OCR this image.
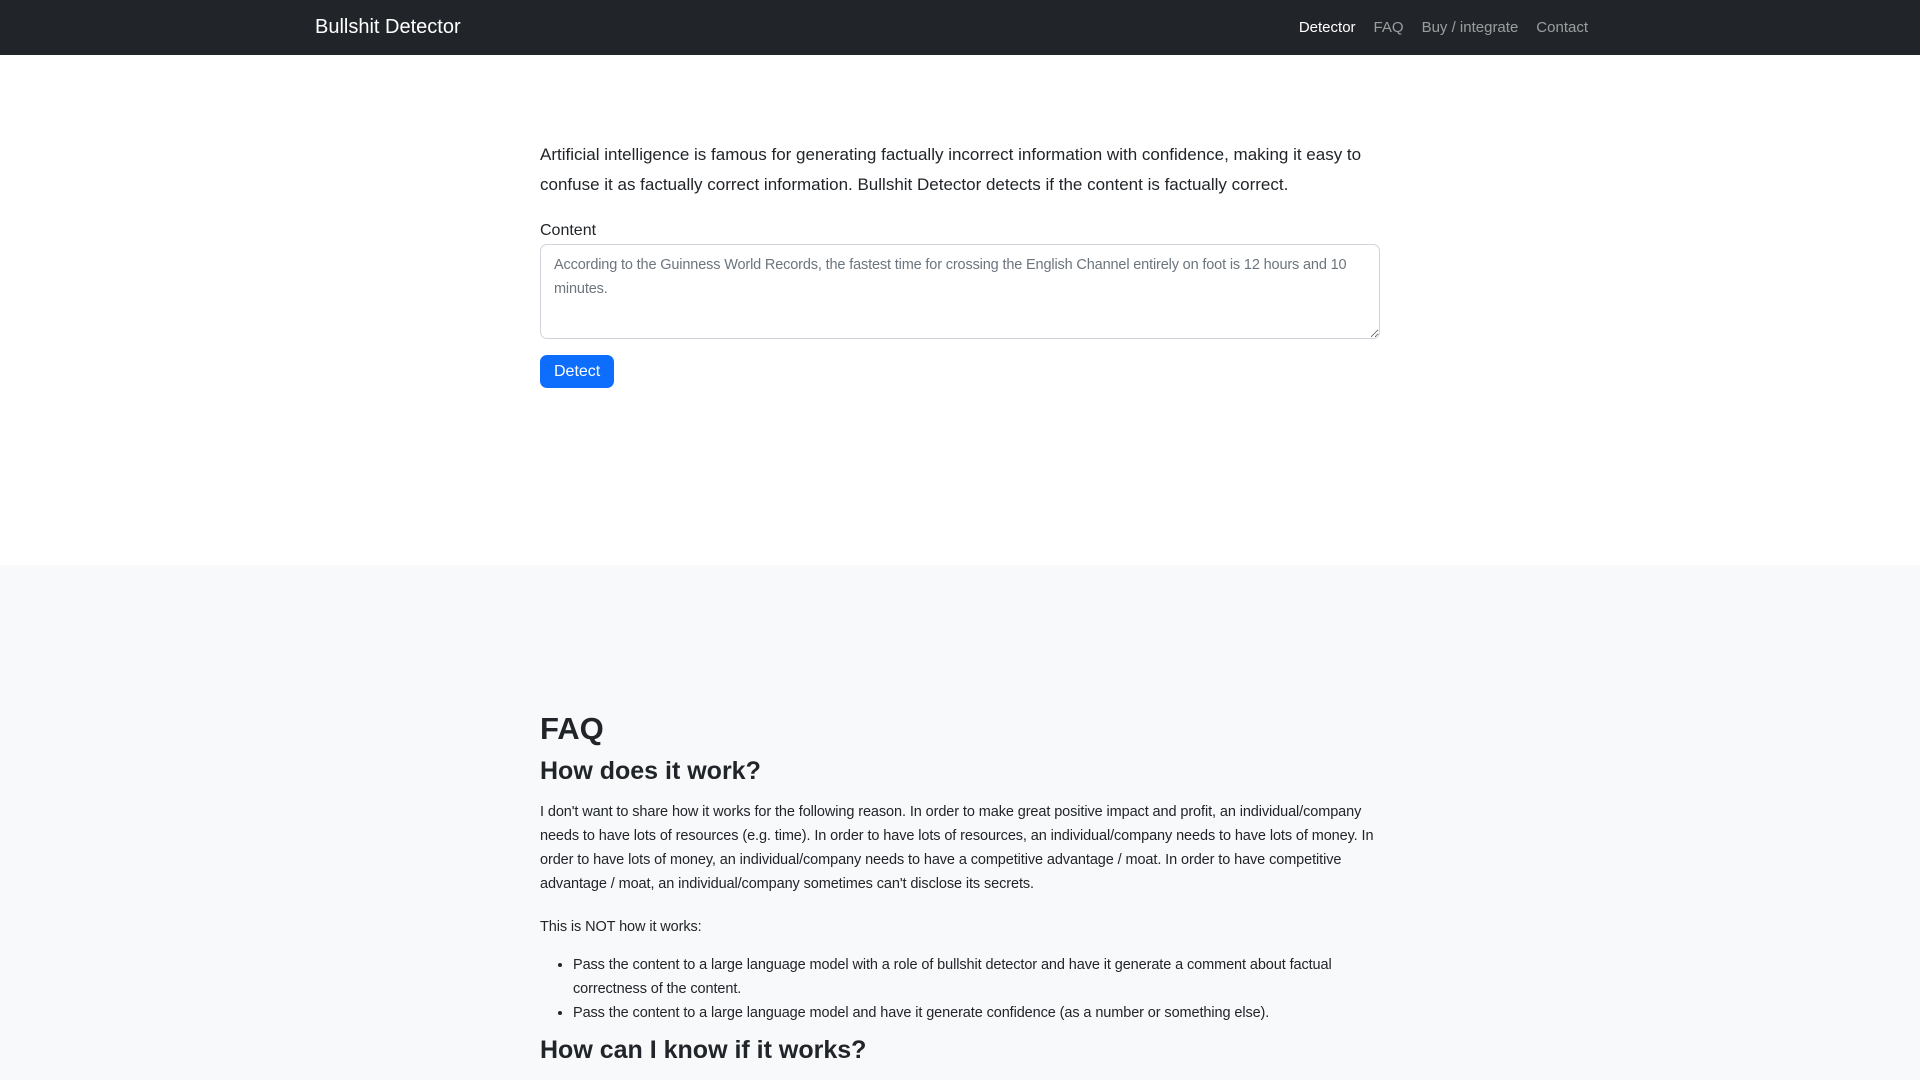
Bullshit Detector	Detector	FAQ	Buy / integrate	Contact

Artificial intelligence is famous for generating factually incorrect information with confidence, making it easy to confuse it as factually correct information. Bullshit Detector detects if the content is factually correct.

Content
According to the Guinness World Records, the fastest time for crossing the English Channel entirely on foot is 12 hours and 10 minutes. Detect
FAQ
How does it work?

I don't want to share how it works for the following reason. In order to make great positive impact and profit, an individual/company needs to have lots of resources (e.g. time). In order to have lots of resources, an individual/company needs to have lots of money. In order to have lots of money, an individual/company needs to have a competitive advantage / moat. In order to have competitive advantage / moat, an individual/company sometimes can't disclose its secrets.

This is NOT how it works:

• Pass the content to a large language model with a role of bullshit detector and have it generate a comment about factual correctness of the content.
• Pass the content to a large language model and have it generate confidence (as a number or something else).
How can I know if it works?
